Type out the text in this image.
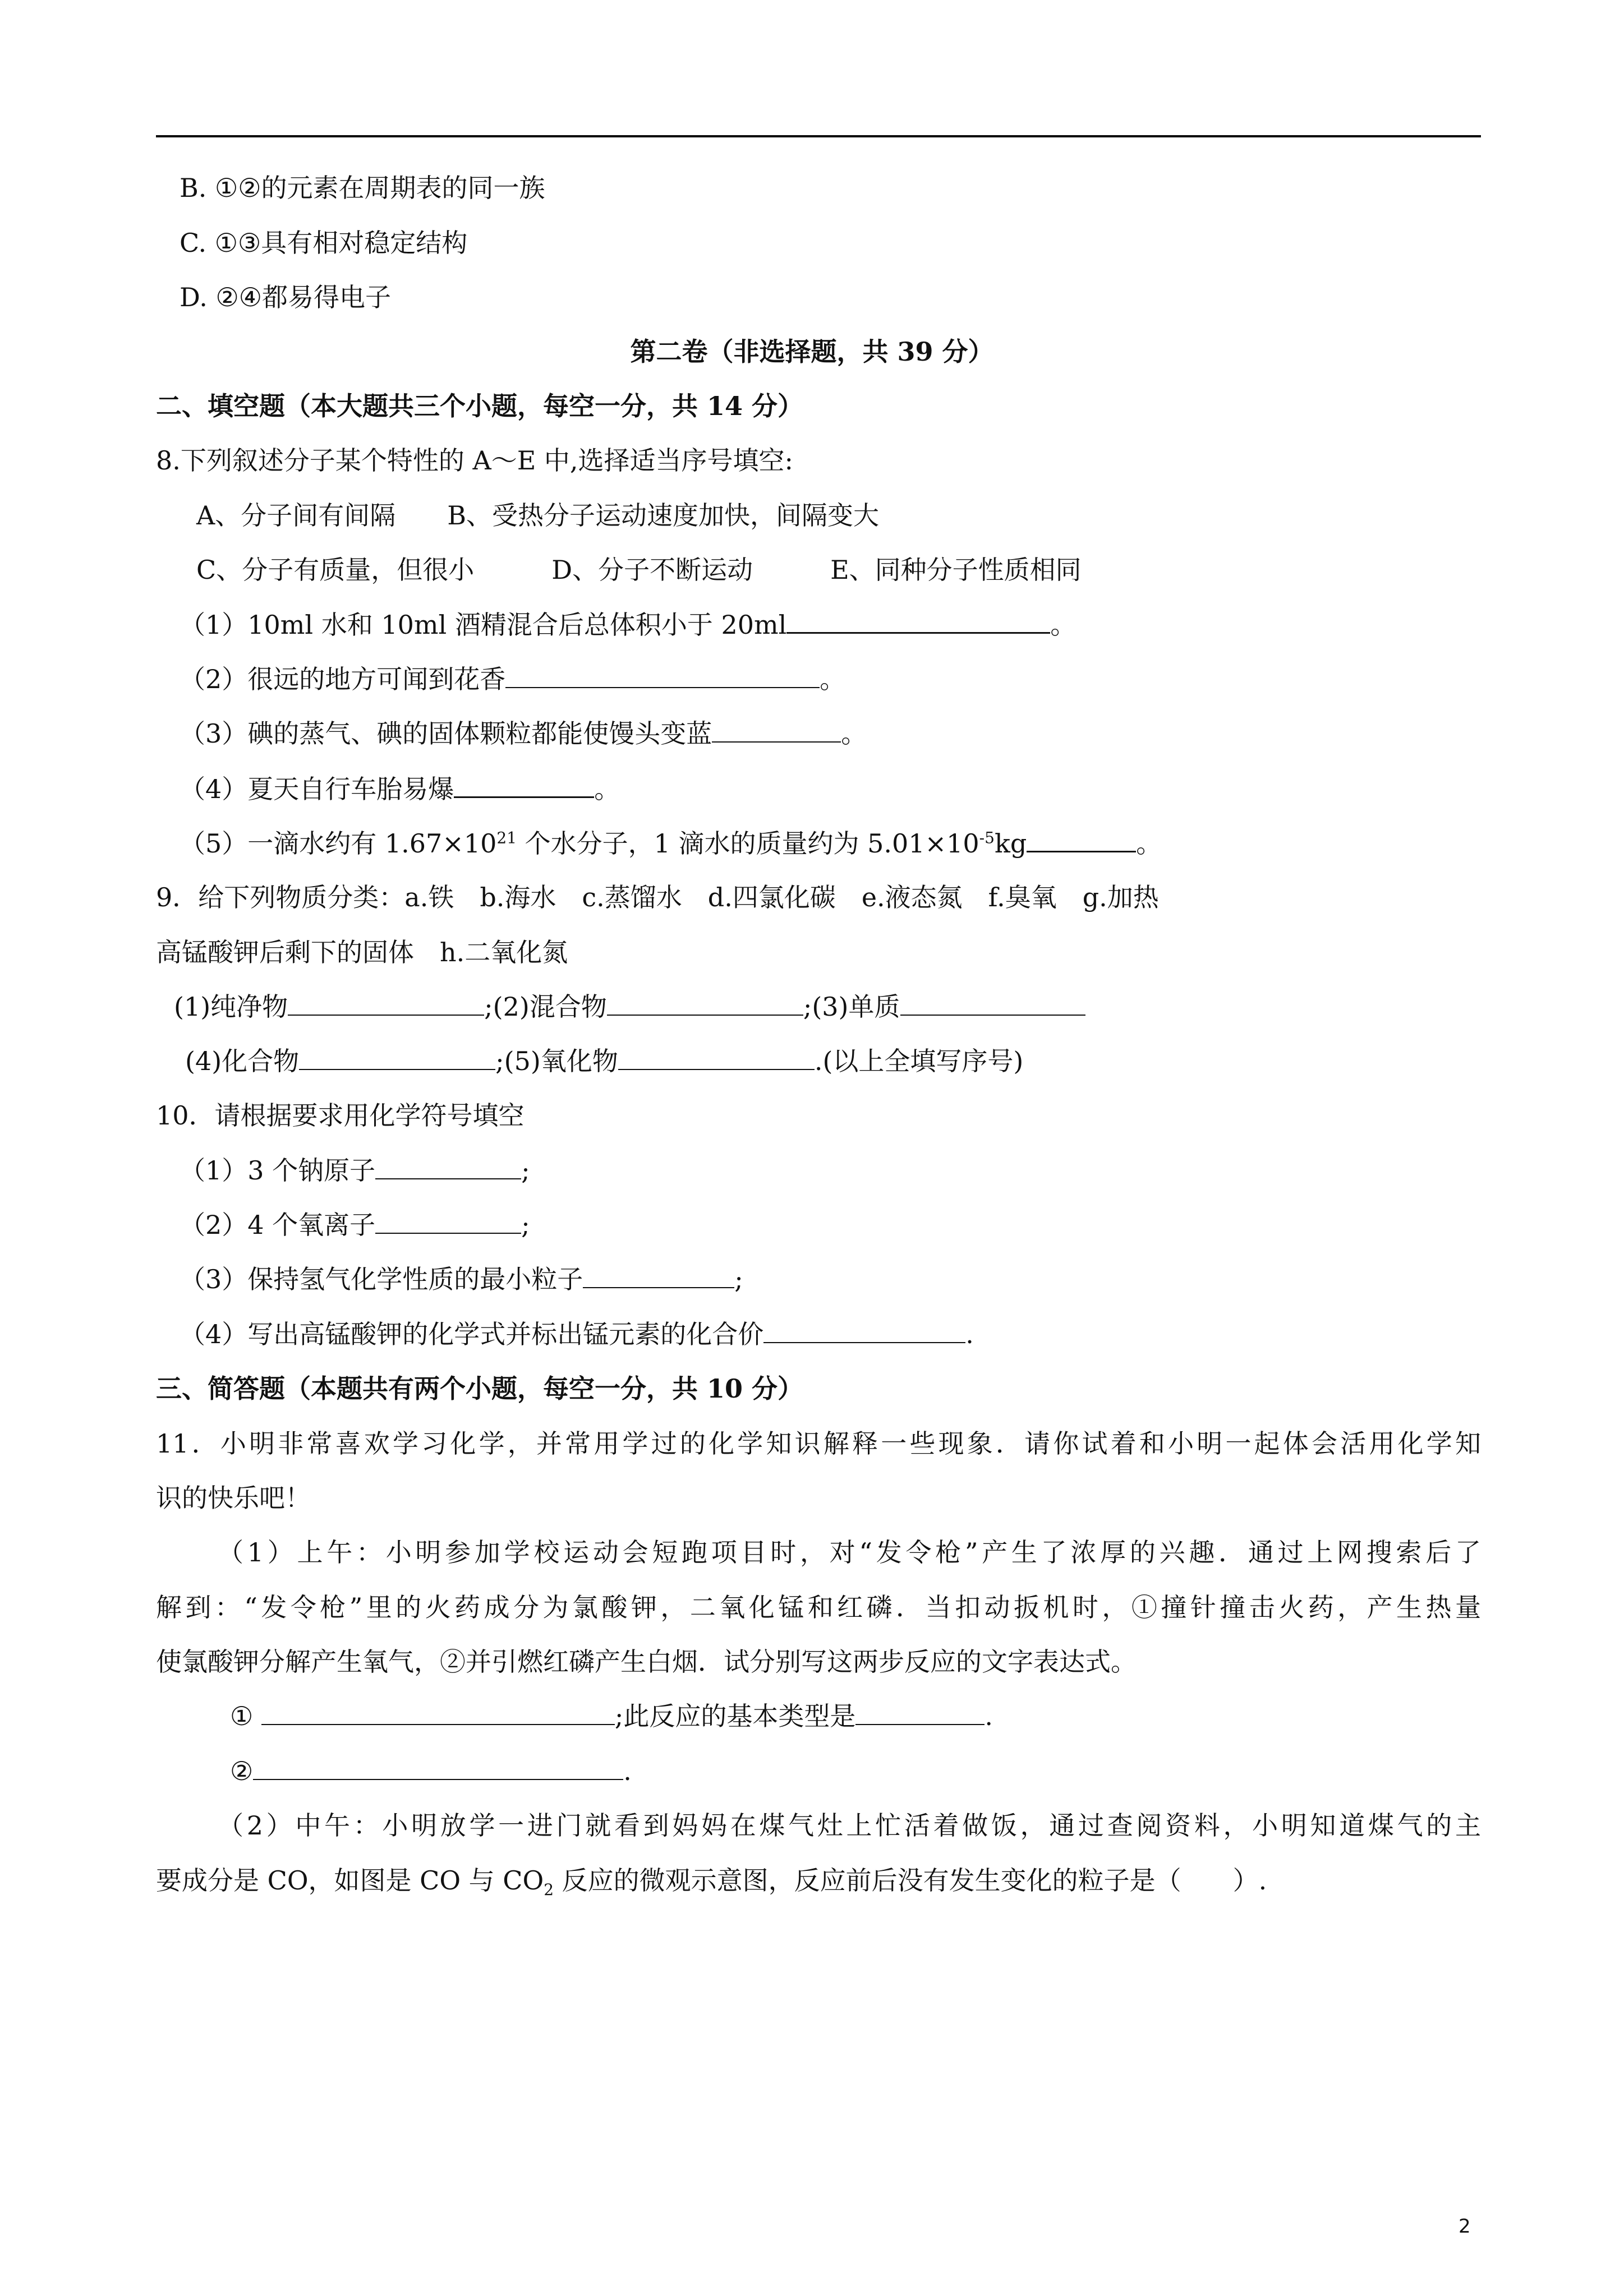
B. ①②的元素在周期表的同一族
C. ①③具有相对稳定结构
D. ②④都易得电子
第二卷（非选择题，共 39 分）
二、填空题（本大题共三个小题，每空一分，共 14 分）
8.下列叙述分子某个特性的 A～E 中,选择适当序号填空:
A、分子间有间隔　　B、受热分子运动速度加快，间隔变大
C、分子有质量，但很小　　　D、分子不断运动　　　E、同种分子性质相同
（1）10ml 水和 10ml 酒精混合后总体积小于 20ml	。
（2）很远的地方可闻到花香	。
（3）碘的蒸气、碘的固体颗粒都能使馒头变蓝	。
（4）夏天自行车胎易爆	。
（5）一滴水约有 $1.67\times 10^{21}$ 个水分子，1 滴水的质量约为 $5.01\times 10^{-5}kg$	。
9．给下列物质分类：a.铁　b.海水　c.蒸馏水　d.四氯化碳　e.液态氮　f.臭氧　g.加热
高锰酸钾后剩下的固体　h.二氧化氮
(1)纯净物	;(2)混合物	;(3)单质
(4)化合物	;(5)氧化物	.(以上全填写序号)
10．请根据要求用化学符号填空
（1）3 个钠原子	;
（2）4 个氧离子	;
（3）保持氢气化学性质的最小粒子	;
（4）写出高锰酸钾的化学式并标出锰元素的化合价	.
三、简答题（本题共有两个小题，每空一分，共 10 分）
11．小明非常喜欢学习化学，并常用学过的化学知识解释一些现象．请你试着和小明一起体会活用化学知
识的快乐吧！
（1）上午：小明参加学校运动会短跑项目时，对“发令枪”产生了浓厚的兴趣．通过上网搜索后了
解到：“发令枪”里的火药成分为氯酸钾，二氧化锰和红磷．当扣动扳机时，①撞针撞击火药，产生热量
使氯酸钾分解产生氧气，②并引燃红磷产生白烟．试分别写这两步反应的文字表达式。
①	;此反应的基本类型是	.
②	.
（2）中午：小明放学一进门就看到妈妈在煤气灶上忙活着做饭，通过查阅资料，小明知道煤气的主
要成分是 CO，如图是 CO 与 $CO_2$ 反应的微观示意图，反应前后没有发生变化的粒子是（　　）.
2
